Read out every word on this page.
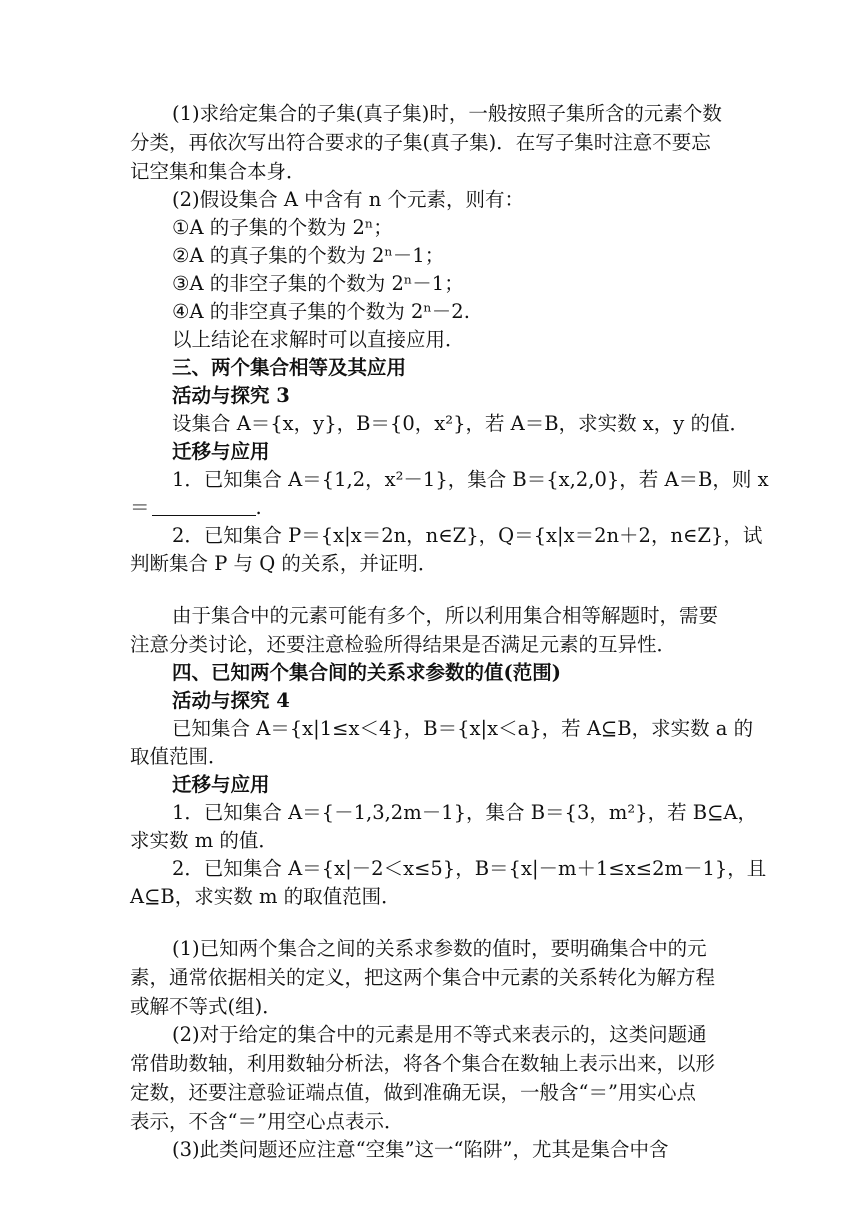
(1)求给定集合的子集(真子集)时，一般按照子集所含的元素个数
分类，再依次写出符合要求的子集(真子集)．在写子集时注意不要忘
记空集和集合本身．
(2)假设集合 A 中含有 n 个元素，则有：
①A 的子集的个数为 2ⁿ；
②A 的真子集的个数为 2ⁿ－1；
③A 的非空子集的个数为 2ⁿ－1；
④A 的非空真子集的个数为 2ⁿ－2.
以上结论在求解时可以直接应用．
三、两个集合相等及其应用
活动与探究 3
设集合 A＝{x，y}，B＝{0，x²}，若 A＝B，求实数 x，y 的值．
迁移与应用
1．已知集合 A＝{1,2，x²－1}，集合 B＝{x,2,0}，若 A＝B，则 x
＝	.
2．已知集合 P＝{x|x＝2n，n∈Z}，Q＝{x|x＝2n＋2，n∈Z}，试
判断集合 P 与 Q 的关系，并证明．
由于集合中的元素可能有多个，所以利用集合相等解题时，需要
注意分类讨论，还要注意检验所得结果是否满足元素的互异性．
四、已知两个集合间的关系求参数的值(范围)
活动与探究 4
已知集合 A＝{x|1≤x＜4}，B＝{x|x＜a}，若 A⊆B，求实数 a 的
取值范围．
迁移与应用
1．已知集合 A＝{－1,3,2m－1}，集合 B＝{3，m²}，若 B⊆A，
求实数 m 的值．
2．已知集合 A＝{x|－2＜x≤5}，B＝{x|－m＋1≤x≤2m－1}，且
A⊆B，求实数 m 的取值范围．
(1)已知两个集合之间的关系求参数的值时，要明确集合中的元
素，通常依据相关的定义，把这两个集合中元素的关系转化为解方程
或解不等式(组)．
(2)对于给定的集合中的元素是用不等式来表示的，这类问题通
常借助数轴，利用数轴分析法，将各个集合在数轴上表示出来，以形
定数，还要注意验证端点值，做到准确无误，一般含“＝”用实心点
表示，不含“＝”用空心点表示．
(3)此类问题还应注意“空集”这一“陷阱”，尤其是集合中含
